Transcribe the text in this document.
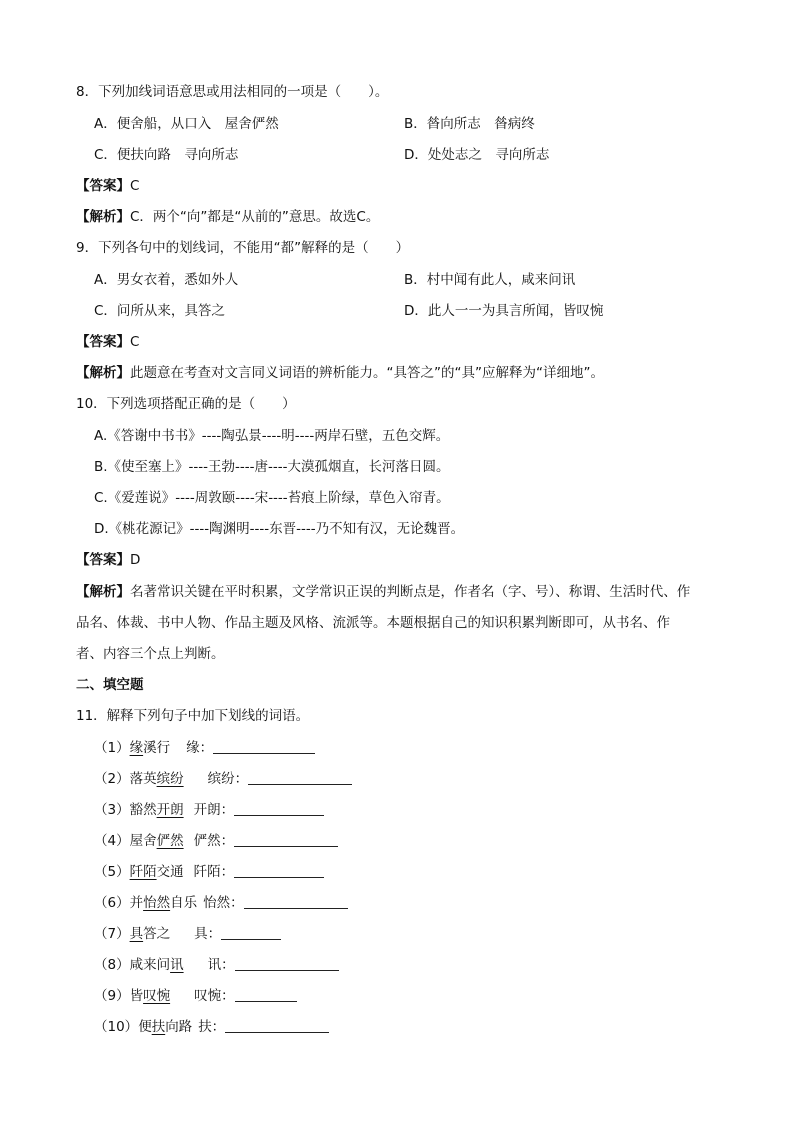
8．下列加线词语意思或用法相同的一项是（　　）。
A．便舍船，从口入　屋舍俨然	B．㫺向所志　㫺病终
C．便扶向路　寻向所志	D．处处志之　寻向所志
【答案】C
【解析】C．两个“向”都是“从前的”意思。故选C。
9．下列各句中的划线词，不能用“都”解释的是（　　）
A．男女衣着，悉如外人	B．村中闻有此人，咸来问讯
C．问所从来，具答之	D．此人一一为具言所闻，皆叹惋
【答案】C
【解析】此题意在考查对文言同义词语的辨析能力。“具答之”的“具”应解释为“详细地”。
10．下列选项搭配正确的是（　　）
A.《答谢中书书》----陶弘景----明----两岸石壁，五色交辉。
B.《使至塞上》----王勃----唐----大漠孤烟直，长河落日圆。
C.《爱莲说》----周敦颐----宋----苔痕上阶绿，草色入帘青。
D.《桃花源记》----陶渊明----东晋----乃不知有汉，无论魏晋。
【答案】D
【解析】名著常识关键在平时积累，文学常识正误的判断点是，作者名（字、号）、称谓、生活时代、作
品名、体裁、书中人物、作品主题及风格、流派等。本题根据自己的知识积累判断即可，从书名、作
者、内容三个点上判断。
二、填空题
11．解释下列句子中加下划线的词语。
（1）缘溪行 缘：
（2）落英缤纷 缤纷：
（3）豁然开朗 开朗：
（4）屋舍俨然 俨然：
（5）阡陌交通 阡陌：
（6）并怡然自乐 怡然：
（7）具答之 具：
（8）咸来问讯 讯：
（9）皆叹惋 叹惋：
（10）便扶向路 扶：
